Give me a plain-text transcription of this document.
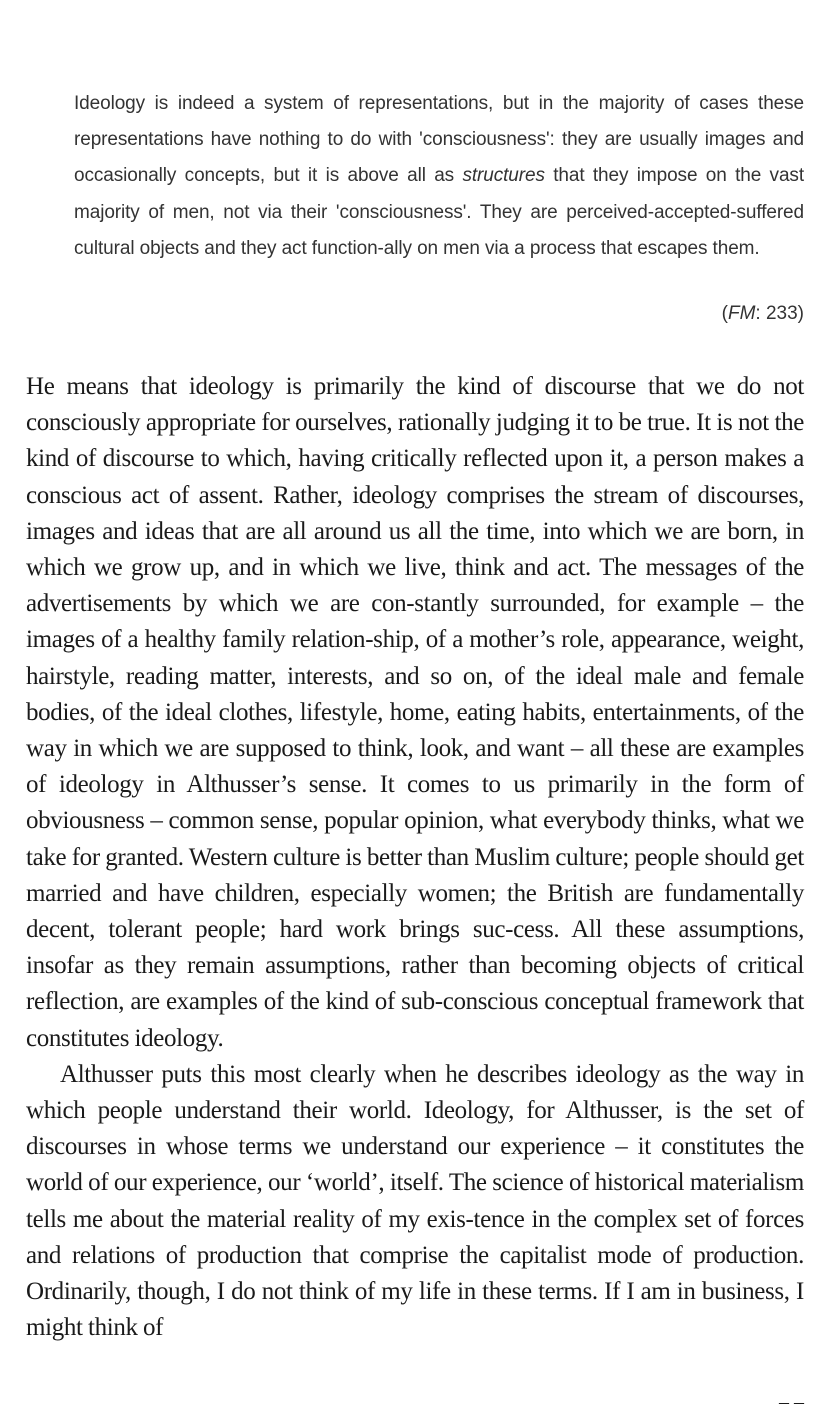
Ideology is indeed a system of representations, but in the majority of cases these representations have nothing to do with 'consciousness': they are usually images and occasionally concepts, but it is above all as structures that they impose on the vast majority of men, not via their 'consciousness'. They are perceived-accepted-suffered cultural objects and they act function-ally on men via a process that escapes them.

(FM: 233)

He means that ideology is primarily the kind of discourse that we do not consciously appropriate for ourselves, rationally judging it to be true. It is not the kind of discourse to which, having critically reflected upon it, a person makes a conscious act of assent. Rather, ideology comprises the stream of discourses, images and ideas that are all around us all the time, into which we are born, in which we grow up, and in which we live, think and act. The messages of the advertisements by which we are con-stantly surrounded, for example – the images of a healthy family relation-ship, of a mother’s role, appearance, weight, hairstyle, reading matter, interests, and so on, of the ideal male and female bodies, of the ideal clothes, lifestyle, home, eating habits, entertainments, of the way in which we are supposed to think, look, and want – all these are examples of ideology in Althusser’s sense. It comes to us primarily in the form of obviousness – common sense, popular opinion, what everybody thinks, what we take for granted. Western culture is better than Muslim culture; people should get married and have children, especially women; the British are fundamentally decent, tolerant people; hard work brings suc-cess. All these assumptions, insofar as they remain assumptions, rather than becoming objects of critical reflection, are examples of the kind of sub-conscious conceptual framework that constitutes ideology.

Althusser puts this most clearly when he describes ideology as the way in which people understand their world. Ideology, for Althusser, is the set of discourses in whose terms we understand our experience – it constitutes the world of our experience, our ‘world’, itself. The science of historical materialism tells me about the material reality of my exis-tence in the complex set of forces and relations of production that comprise the capitalist mode of production. Ordinarily, though, I do not think of my life in these terms. If I am in business, I might think of

– –
